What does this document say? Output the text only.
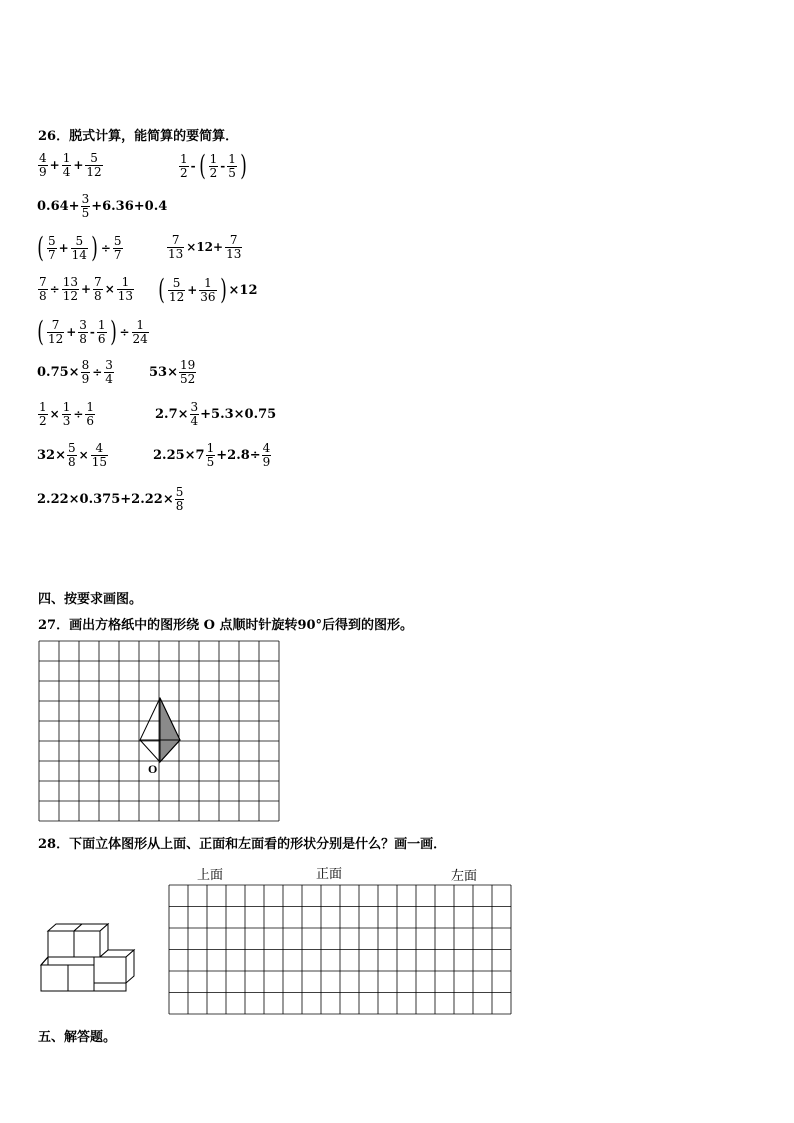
26．脱式计算，能简算的要简算．
$\frac{4}{9} + \frac{1}{4} + \frac{5}{12}$	$\frac{1}{2}$ - ( $\frac{1}{2} - \frac{1}{5}$ )
$0.64+ \frac{3}{5} +6.36+0.4$
( $\frac{5}{7} + \frac{5}{14}$ ) ÷ $\frac{5}{7}$	$\frac{7}{13} \times 12+ \frac{7}{13}$
$\frac{7}{8} \div \frac{13}{12} + \frac{7}{8} \times \frac{1}{13}$ ( $\frac{5}{12} + \frac{1}{36}$ ) ×12
( $\frac{7}{12} + \frac{3}{8} - \frac{1}{6}$ ) ÷ $\frac{1}{24}$
$0.75\times \frac{8}{9} \div \frac{3}{4}$	$53\times \frac{19}{52}$
$\frac{1}{2} \times \frac{1}{3} \div \frac{1}{6}$	$2.7\times \frac{3}{4} +5.3\times 0.75$
$32\times \frac{5}{8} \times \frac{4}{15}$	$2.25\times 7 \frac{1}{5} +2.8\div \frac{4}{9}$
$2.22\times 0.375+2.22\times \frac{5}{8}$
四、按要求画图。
27．画出方格纸中的图形绕 O 点顺时针旋转90°后得到的图形。
O
28．下面立体图形从上面、正面和左面看的形状分别是什么？画一画．
上面	正面	左面
五、解答题。
